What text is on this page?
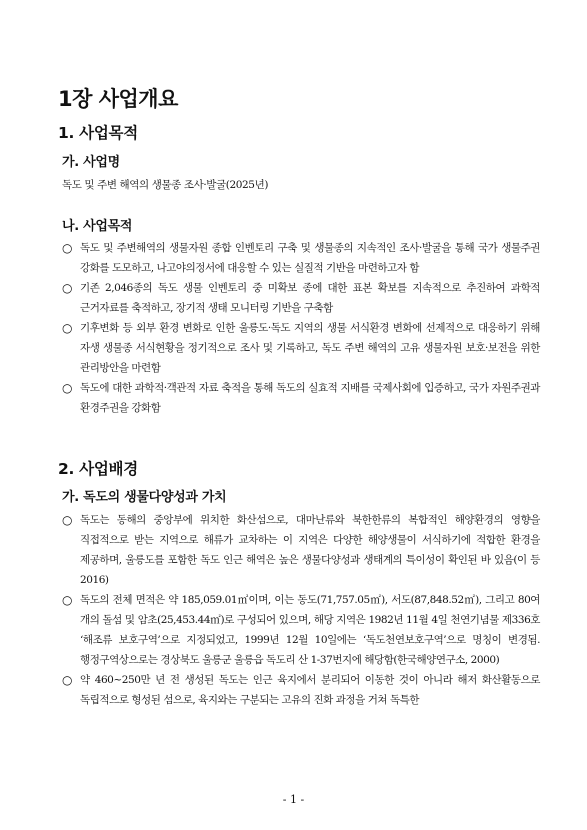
1장 사업개요
1. 사업목적
가. 사업명
독도 및 주변 해역의 생물종 조사·발굴(2025년)
나. 사업목적
○ 독도 및 주변해역의 생물자원 종합 인벤토리 구축 및 생물종의 지속적인 조사·발굴을 통해 국가 생물주권 강화를 도모하고, 나고야의정서에 대응할 수 있는 실질적 기반을 마련하고자 함
○ 기존 2,046종의 독도 생물 인벤토리 중 미확보 종에 대한 표본 확보를 지속적으로 추진하여 과학적 근거자료를 축적하고, 장기적 생태 모니터링 기반을 구축함
○ 기후변화 등 외부 환경 변화로 인한 울릉도·독도 지역의 생물 서식환경 변화에 선제적으로 대응하기 위해 자생 생물종 서식현황을 정기적으로 조사 및 기록하고, 독도 주변 해역의 고유 생물자원 보호·보전을 위한 관리방안을 마련함
○ 독도에 대한 과학적·객관적 자료 축적을 통해 독도의 실효적 지배를 국제사회에 입증하고, 국가 자원주권과 환경주권을 강화함
2. 사업배경
가. 독도의 생물다양성과 가치
○ 독도는 동해의 중앙부에 위치한 화산섬으로, 대마난류와 북한한류의 복합적인 해양환경의 영향을 직접적으로 받는 지역으로 해류가 교차하는 이 지역은 다양한 해양생물이 서식하기에 적합한 환경을 제공하며, 울릉도를 포함한 독도 인근 해역은 높은 생물다양성과 생태계의 특이성이 확인된 바 있음(이 등 2016)
○ 독도의 전체 면적은 약 185,059.01㎡이며, 이는 동도(71,757.05㎡), 서도(87,848.52㎡), 그리고 80여 개의 돌섬 및 암초(25,453.44㎡)로 구성되어 있으며, 해당 지역은 1982년 11월 4일 천연기념물 제336호 ‘해조류 보호구역’으로 지정되었고, 1999년 12월 10일에는 ‘독도천연보호구역’으로 명칭이 변경됨. 행정구역상으로는 경상북도 울릉군 울릉읍 독도리 산 1-37번지에 해당함(한국해양연구소, 2000)
○ 약 460~250만 년 전 생성된 독도는 인근 육지에서 분리되어 이동한 것이 아니라 해저 화산활동으로 독립적으로 형성된 섬으로, 육지와는 구분되는 고유의 진화 과정을 거쳐 독특한
- 1 -
